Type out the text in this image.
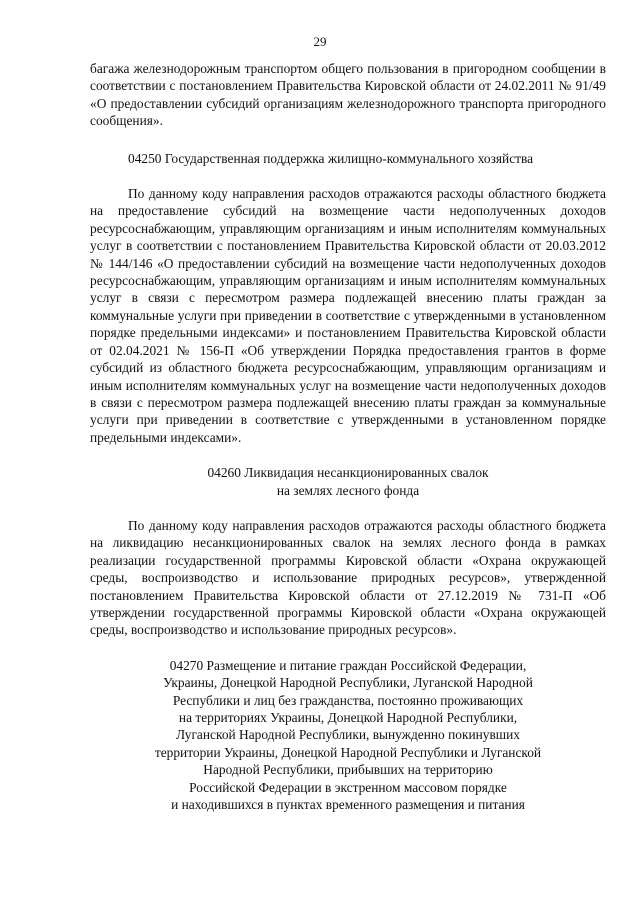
29

багажа железнодорожным транспортом общего пользования в пригородном сообщении в соответствии с постановлением Правительства Кировской области от 24.02.2011 № 91/49 «О предоставлении субсидий организациям железнодорожного транспорта пригородного сообщения».

04250 Государственная поддержка жилищно-коммунального хозяйства

По данному коду направления расходов отражаются расходы областного бюджета на предоставление субсидий на возмещение части недополученных доходов ресурсоснабжающим, управляющим организациям и иным исполнителям коммунальных услуг в соответствии с постановлением Правительства Кировской области от 20.03.2012 № 144/146 «О предоставлении субсидий на возмещение части недополученных доходов ресурсоснабжающим, управляющим организациям и иным исполнителям коммунальных услуг в связи с пересмотром размера подлежащей внесению платы граждан за коммунальные услуги при приведении в соответствие с утвержденными в установленном порядке предельными индексами» и постановлением Правительства Кировской области от 02.04.2021 № 156-П «Об утверждении Порядка предоставления грантов в форме субсидий из областного бюджета ресурсоснабжающим, управляющим организациям и иным исполнителям коммунальных услуг на возмещение части недополученных доходов в связи с пересмотром размера подлежащей внесению платы граждан за коммунальные услуги при приведении в соответствие с утвержденными в установленном порядке предельными индексами».

04260 Ликвидация несанкционированных свалок
на землях лесного фонда

По данному коду направления расходов отражаются расходы областного бюджета на ликвидацию несанкционированных свалок на землях лесного фонда в рамках реализации государственной программы Кировской области «Охрана окружающей среды, воспроизводство и использование природных ресурсов», утвержденной постановлением Правительства Кировской области от 27.12.2019 № 731-П «Об утверждении государственной программы Кировской области «Охрана окружающей среды, воспроизводство и использование природных ресурсов».

04270 Размещение и питание граждан Российской Федерации,
Украины, Донецкой Народной Республики, Луганской Народной
Республики и лиц без гражданства, постоянно проживающих
на территориях Украины, Донецкой Народной Республики,
Луганской Народной Республики, вынужденно покинувших
территории Украины, Донецкой Народной Республики и Луганской
Народной Республики, прибывших на территорию
Российской Федерации в экстренном массовом порядке
и находившихся в пунктах временного размещения и питания
